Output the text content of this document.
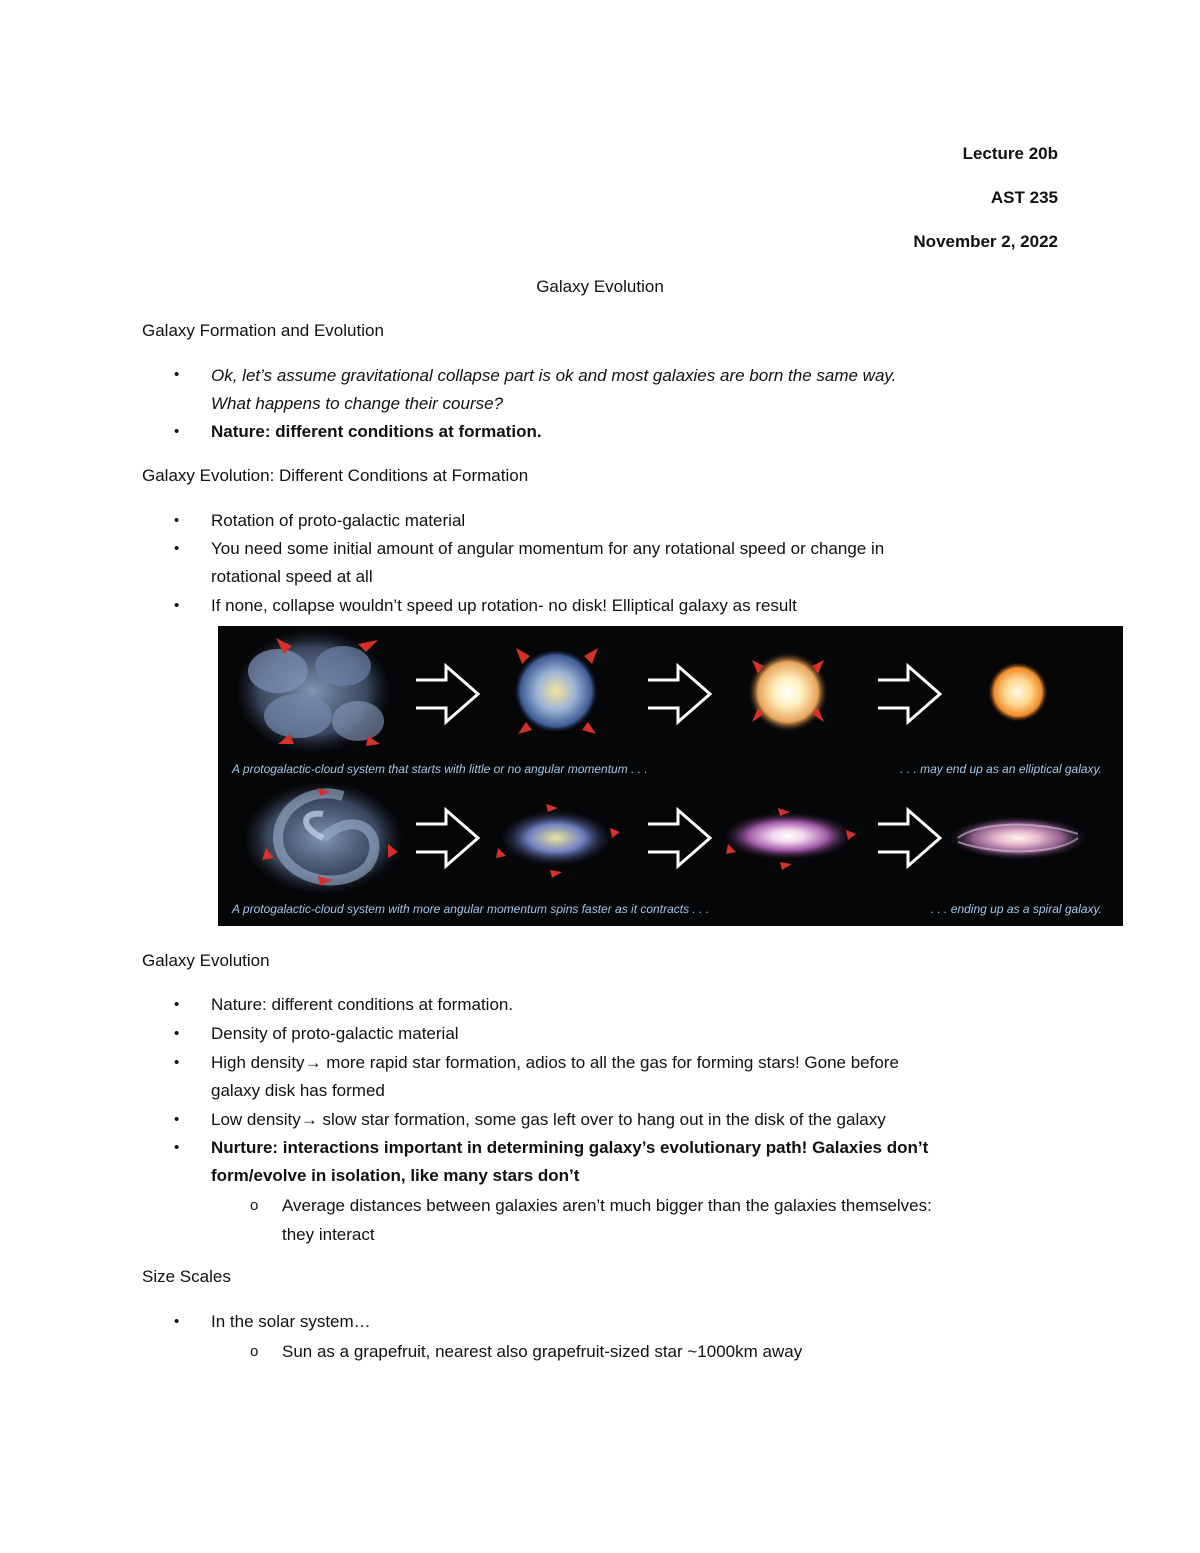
Lecture 20b
AST 235
November 2, 2022
Galaxy Evolution
Galaxy Formation and Evolution
• Ok, let’s assume gravitational collapse part is ok and most galaxies are born the same way.
What happens to change their course?
• Nature: different conditions at formation.
Galaxy Evolution: Different Conditions at Formation
• Rotation of proto-galactic material
• You need some initial amount of angular momentum for any rotational speed or change in
rotational speed at all
• If none, collapse wouldn’t speed up rotation- no disk! Elliptical galaxy as result
A protogalactic-cloud system that starts with little or no angular momentum . . .	. . . may end up as an elliptical galaxy.
A protogalactic-cloud system with more angular momentum spins faster as it contracts . . .	. . . ending up as a spiral galaxy.
Galaxy Evolution
• Nature: different conditions at formation.
• Density of proto-galactic material
• High density→ more rapid star formation, adios to all the gas for forming stars! Gone before
galaxy disk has formed
• Low density→ slow star formation, some gas left over to hang out in the disk of the galaxy
• Nurture: interactions important in determining galaxy’s evolutionary path! Galaxies don’t
form/evolve in isolation, like many stars don’t
o Average distances between galaxies aren’t much bigger than the galaxies themselves:
they interact
Size Scales
• In the solar system…
o Sun as a grapefruit, nearest also grapefruit-sized star ~1000km away
